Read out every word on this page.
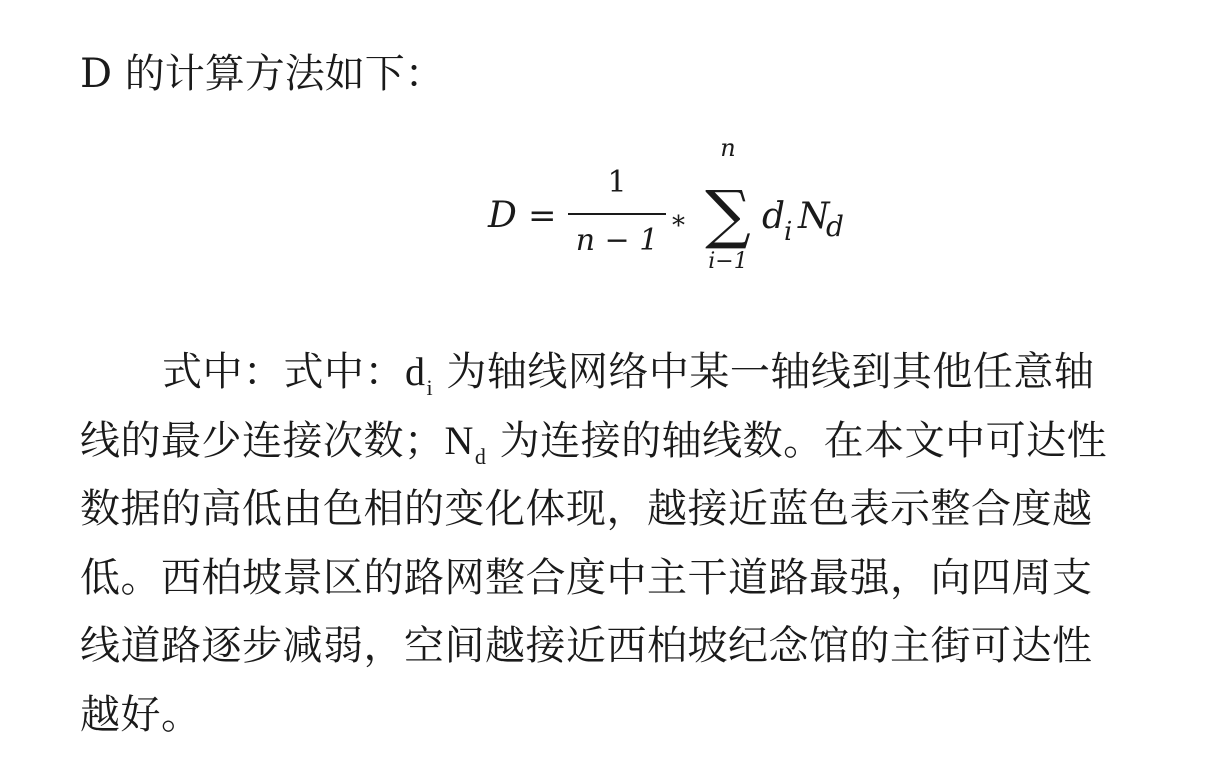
D 的计算方法如下：
D =
1
n − 1 *
n
∑
i−1
d
i N
d
式中：式中：$d_i$ 为轴线网络中某一轴线到其他任意轴
线的最少连接次数；$N_d$ 为连接的轴线数。在本文中可达性
数据的高低由色相的变化体现，越接近蓝色表示整合度越
低。西柏坡景区的路网整合度中主干道路最强，向四周支
线道路逐步减弱，空间越接近西柏坡纪念馆的主街可达性
越好。
